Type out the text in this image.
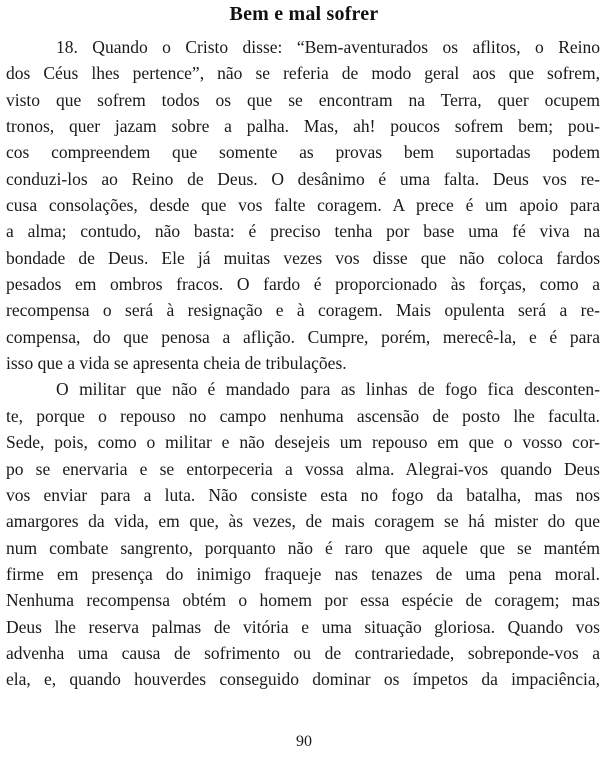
Bem e mal sofrer
18. Quando o Cristo disse: “Bem-aventurados os aflitos, o Reino
dos Céus lhes pertence”, não se referia de modo geral aos que sofrem,
visto que sofrem todos os que se encontram na Terra, quer ocupem
tronos, quer jazam sobre a palha. Mas, ah! poucos sofrem bem; pou-
cos compreendem que somente as provas bem suportadas podem
conduzi-los ao Reino de Deus. O desânimo é uma falta. Deus vos re-
cusa consolações, desde que vos falte coragem. A prece é um apoio para
a alma; contudo, não basta: é preciso tenha por base uma fé viva na
bondade de Deus. Ele já muitas vezes vos disse que não coloca fardos
pesados em ombros fracos. O fardo é proporcionado às forças, como a
recompensa o será à resignação e à coragem. Mais opulenta será a re-
compensa, do que penosa a aflição. Cumpre, porém, merecê-la, e é para
isso que a vida se apresenta cheia de tribulações.
O militar que não é mandado para as linhas de fogo fica desconten-
te, porque o repouso no campo nenhuma ascensão de posto lhe faculta.
Sede, pois, como o militar e não desejeis um repouso em que o vosso cor-
po se enervaria e se entorpeceria a vossa alma. Alegrai-vos quando Deus
vos enviar para a luta. Não consiste esta no fogo da batalha, mas nos
amargores da vida, em que, às vezes, de mais coragem se há mister do que
num combate sangrento, porquanto não é raro que aquele que se mantém
firme em presença do inimigo fraqueje nas tenazes de uma pena moral.
Nenhuma recompensa obtém o homem por essa espécie de coragem; mas
Deus lhe reserva palmas de vitória e uma situação gloriosa. Quando vos
advenha uma causa de sofrimento ou de contrariedade, sobreponde-vos a
ela, e, quando houverdes conseguido dominar os ímpetos da impaciência,
90
